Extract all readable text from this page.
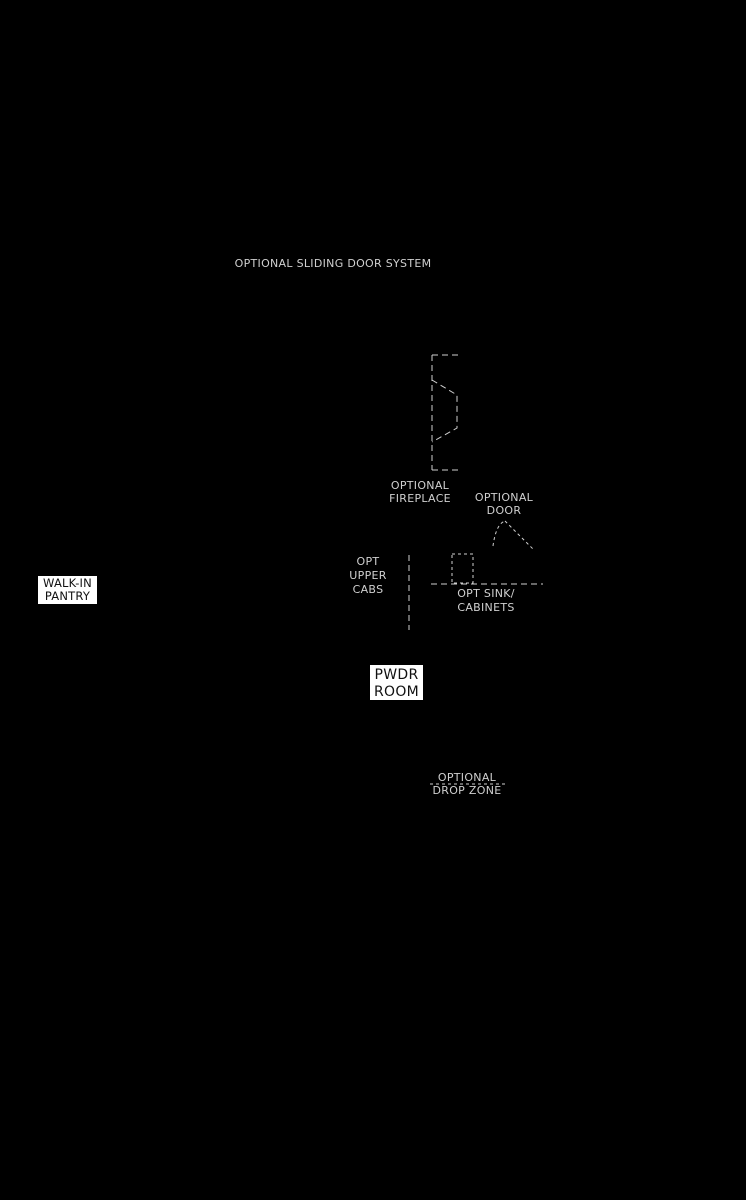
OPTIONAL SLIDING DOOR SYSTEM
OPTIONAL
FIREPLACE OPTIONAL
DOOR
OPT
UPPER
CABS	OPT SINK/
CABINETS
WALK-IN
PANTRY
PWDR
ROOM
OPTIONAL
DROP ZONE
